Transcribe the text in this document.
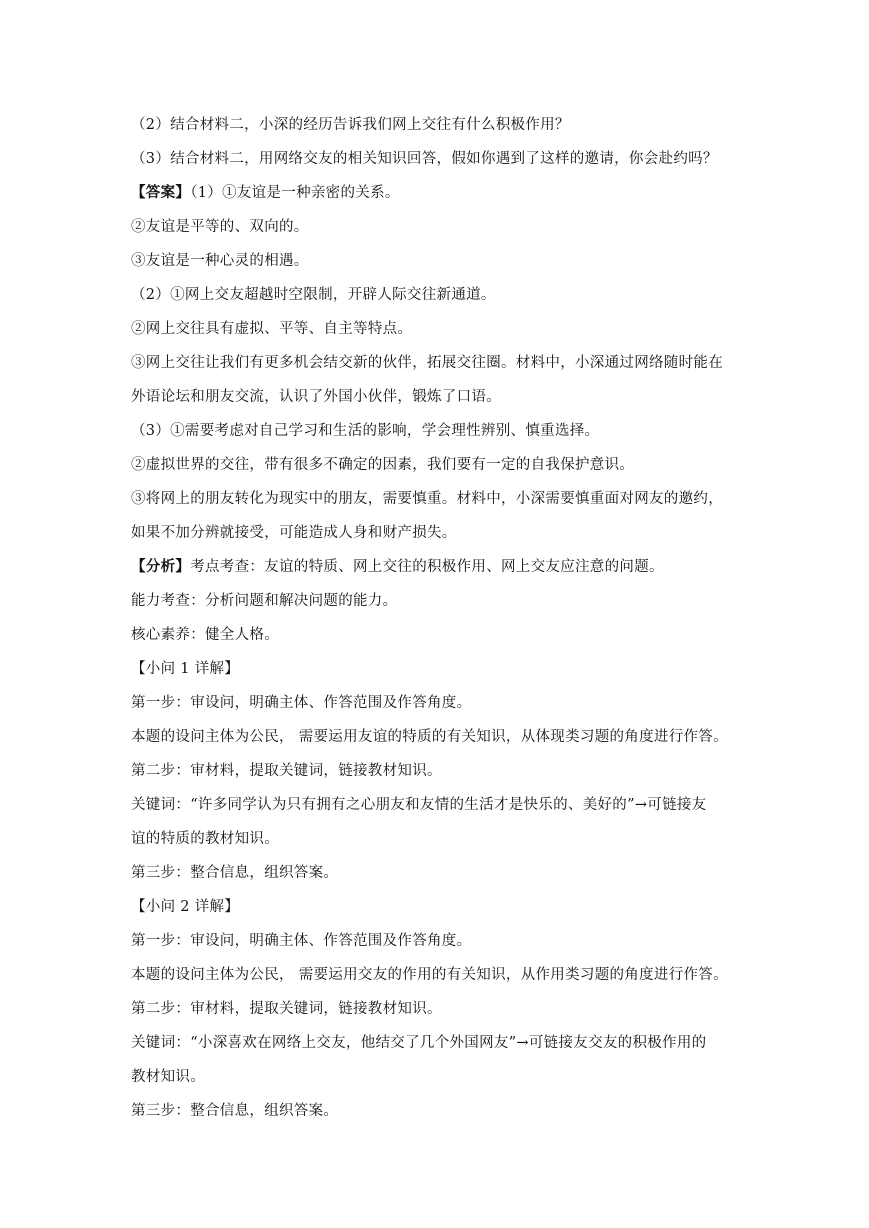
（2）结合材料二，小深的经历告诉我们网上交往有什么积极作用？
（3）结合材料二，用网络交友的相关知识回答，假如你遇到了这样的邀请，你会赴约吗？
【答案】（1）①友谊是一种亲密的关系。
②友谊是平等的、双向的。
③友谊是一种心灵的相遇。
（2）①网上交友超越时空限制，开辟人际交往新通道。
②网上交往具有虚拟、平等、自主等特点。
③网上交往让我们有更多机会结交新的伙伴，拓展交往圈。材料中，小深通过网络随时能在
外语论坛和朋友交流，认识了外国小伙伴，锻炼了口语。
（3）①需要考虑对自己学习和生活的影响，学会理性辨别、慎重选择。
②虚拟世界的交往，带有很多不确定的因素，我们要有一定的自我保护意识。
③将网上的朋友转化为现实中的朋友，需要慎重。材料中，小深需要慎重面对网友的邀约，
如果不加分辨就接受，可能造成人身和财产损失。
【分析】考点考查：友谊的特质、网上交往的积极作用、网上交友应注意的问题。
能力考查：分析问题和解决问题的能力。
核心素养：健全人格。
【小问 1 详解】
第一步：审设问，明确主体、作答范围及作答角度。
本题的设问主体为公民， 需要运用友谊的特质的有关知识，从体现类习题的角度进行作答。
第二步：审材料，提取关键词，链接教材知识。
关键词：“许多同学认为只有拥有之心朋友和友情的生活才是快乐的、美好的”→可链接友
谊的特质的教材知识。
第三步：整合信息，组织答案。
【小问 2 详解】
第一步：审设问，明确主体、作答范围及作答角度。
本题的设问主体为公民， 需要运用交友的作用的有关知识，从作用类习题的角度进行作答。
第二步：审材料，提取关键词，链接教材知识。
关键词：“小深喜欢在网络上交友，他结交了几个外国网友”→可链接友交友的积极作用的
教材知识。
第三步：整合信息，组织答案。
